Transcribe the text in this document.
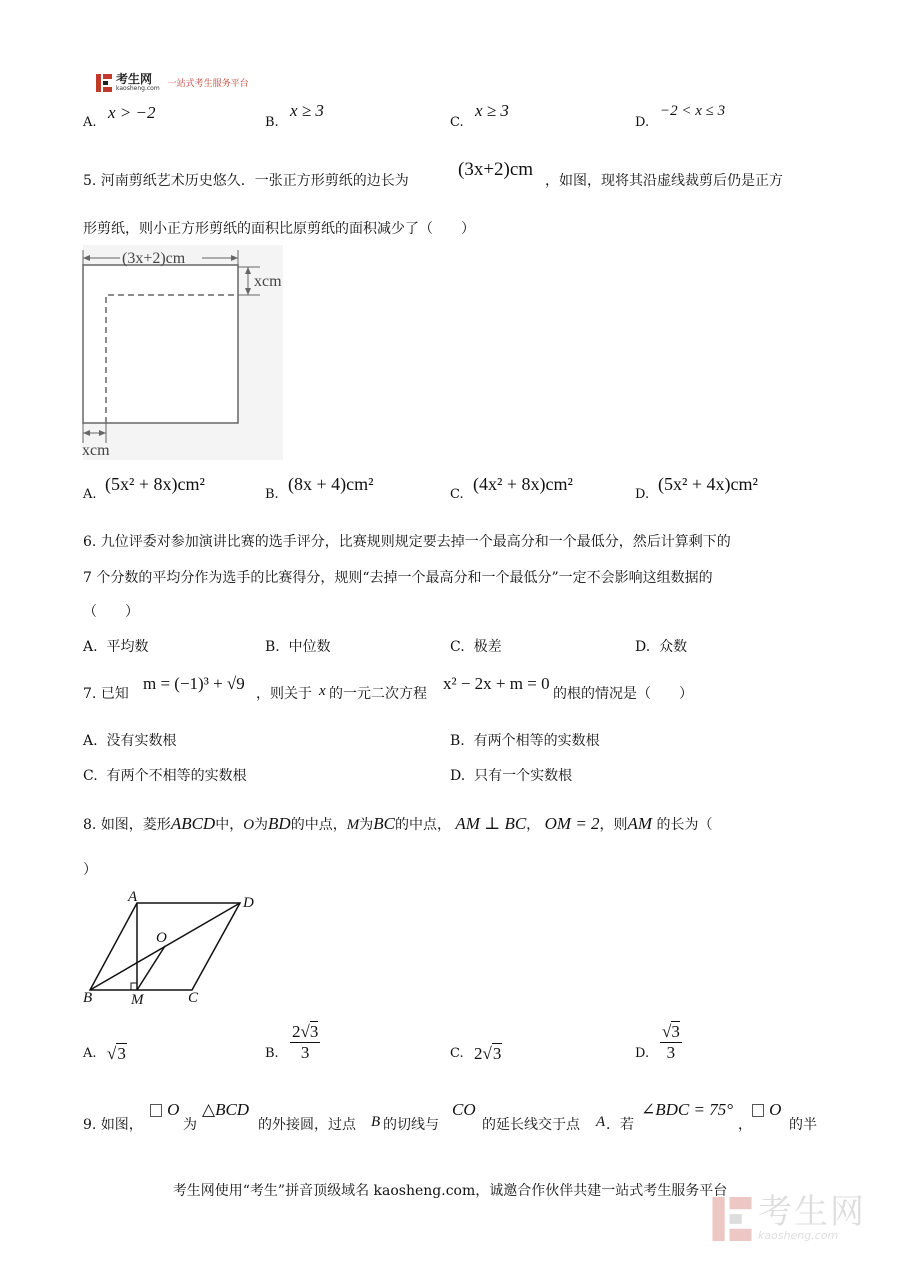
考生网
kaosheng.com 一站式考生服务平台
A.
x > −2
B.
x ≥ 3
C.
x ≥ 3
D.
−2 < x ≤ 3
5. 河南剪纸艺术历史悠久．一张正方形剪纸的边长为
(3x+2)cm
，如图，现将其沿虚线裁剪后仍是正方
形剪纸，则小正方形剪纸的面积比原剪纸的面积减少了（　　）
(3x+2)cm
xcm
xcm
A.
(5x² + 8x)cm²
B.
(8x + 4)cm²
C.
(4x² + 8x)cm²
D.
(5x² + 4x)cm²
6. 九位评委对参加演讲比赛的选手评分，比赛规则规定要去掉一个最高分和一个最低分，然后计算剩下的
7 个分数的平均分作为选手的比赛得分，规则“去掉一个最高分和一个最低分”一定不会影响这组数据的
（　　）
A. 平均数	B. 中位数	C. 极差	D. 众数
7. 已知
m = (−1)³ + √9
，则关于 x 的一元二次方程
x² − 2x + m = 0
的根的情况是（　　）
A. 没有实数根	B. 有两个相等的实数根
C. 有两个不相等的实数根	D. 只有一个实数根
8. 如图，菱形ABCD中，O为BD的中点，M为BC的中点， AM ⊥ BC， OM = 2，则AM 的长为（
）
A	D
O
B	M	C
A. √3	B. $\frac{2√3}{3}$	C. 2√3	D. $\frac{√3}{3}$
9. 如图，
O
为
△BCD
的外接圆，过点 B 的切线与
CO
的延长线交于点 A ．若
∠BDC = 75°
，
O
的半
考生网使用“考生”拼音顶级域名 kaosheng.com，诚邀合作伙伴共建一站式考生服务平台
考生网
kaosheng.com
